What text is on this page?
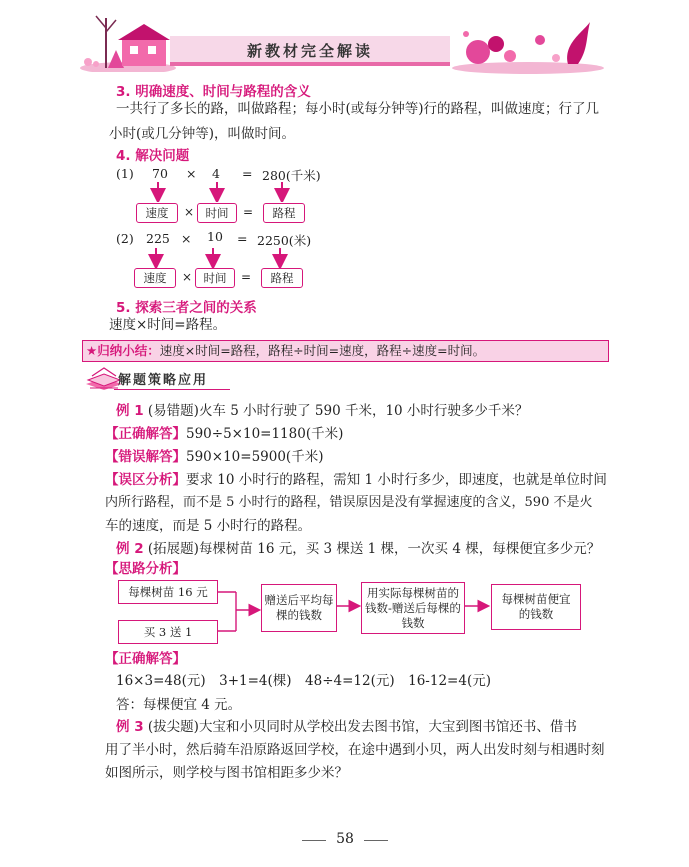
新教材完全解读
3. 明确速度、时间与路程的含义
一共行了多长的路，叫做路程；每小时(或每分钟等)行的路程，叫做速度；行了几
小时(或几分钟等)，叫做时间。
4. 解决问题
(1) 70 × 4 = 280(千米)
速度	× 时间	=	路程
(2) 225 × 10 = 2250(米)
速度	× 时间	=	路程
5. 探索三者之间的关系
速度×时间=路程。
★归纳小结：速度×时间=路程，路程÷时间=速度，路程÷速度=时间。
解题策略应用
例 1 (易错题)火车 5 小时行驶了 590 千米，10 小时行驶多少千米？
【正确解答】590÷5×10=1180(千米)
【错误解答】590×10=5900(千米)
【误区分析】要求 10 小时行的路程，需知 1 小时行多少，即速度，也就是单位时间
内所行路程，而不是 5 小时行的路程，错误原因是没有掌握速度的含义，590 不是火
车的速度，而是 5 小时行的路程。
例 2 (拓展题)每棵树苗 16 元，买 3 棵送 1 棵，一次买 4 棵，每棵便宜多少元？
【思路分析】
每棵树苗 16 元
买 3 送 1
赠送后平均每棵的钱数
用实际每棵树苗的钱数-赠送后每棵的钱数
每棵树苗便宜的钱数
【正确解答】
16×3=48(元)　3+1=4(棵)　48÷4=12(元)　16-12=4(元)
答：每棵便宜 4 元。
例 3 (拔尖题)大宝和小贝同时从学校出发去图书馆，大宝到图书馆还书、借书
用了半小时，然后骑车沿原路返回学校，在途中遇到小贝，两人出发时刻与相遇时刻
如图所示，则学校与图书馆相距多少米？
58
